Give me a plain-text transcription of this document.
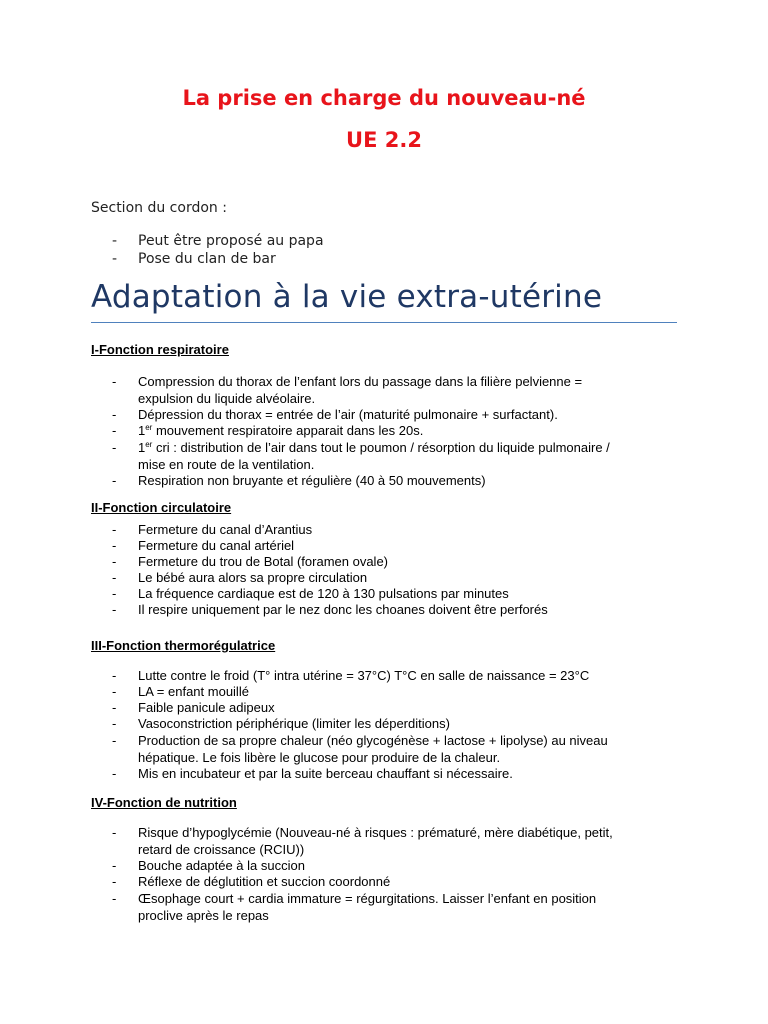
La prise en charge du nouveau-né
UE 2.2
Section du cordon :
- Peut être proposé au papa
- Pose du clan de bar
Adaptation à la vie extra-utérine
I-Fonction respiratoire
- Compression du thorax de l’enfant lors du passage dans la filière pelvienne = expulsion du liquide alvéolaire.
- Dépression du thorax = entrée de l’air (maturité pulmonaire + surfactant).
- 1er mouvement respiratoire apparait dans les 20s.
- 1er cri : distribution de l’air dans tout le poumon / résorption du liquide pulmonaire / mise en route de la ventilation.
- Respiration non bruyante et régulière (40 à 50 mouvements)
II-Fonction circulatoire
- Fermeture du canal d’Arantius
- Fermeture du canal artériel
- Fermeture du trou de Botal (foramen ovale)
- Le bébé aura alors sa propre circulation
- La fréquence cardiaque est de 120 à 130 pulsations par minutes
- Il respire uniquement par le nez donc les choanes doivent être perforés
III-Fonction thermorégulatrice
- Lutte contre le froid (T° intra utérine = 37°C) T°C en salle de naissance = 23°C
- LA = enfant mouillé
- Faible panicule adipeux
- Vasoconstriction périphérique (limiter les déperditions)
- Production de sa propre chaleur (néo glycogénèse + lactose + lipolyse) au niveau hépatique. Le fois libère le glucose pour produire de la chaleur.
- Mis en incubateur et par la suite berceau chauffant si nécessaire.
IV-Fonction de nutrition
- Risque d’hypoglycémie (Nouveau-né à risques : prématuré, mère diabétique, petit, retard de croissance (RCIU))
- Bouche adaptée à la succion
- Réflexe de déglutition et succion coordonné
- Œsophage court + cardia immature = régurgitations. Laisser l’enfant en position proclive après le repas
